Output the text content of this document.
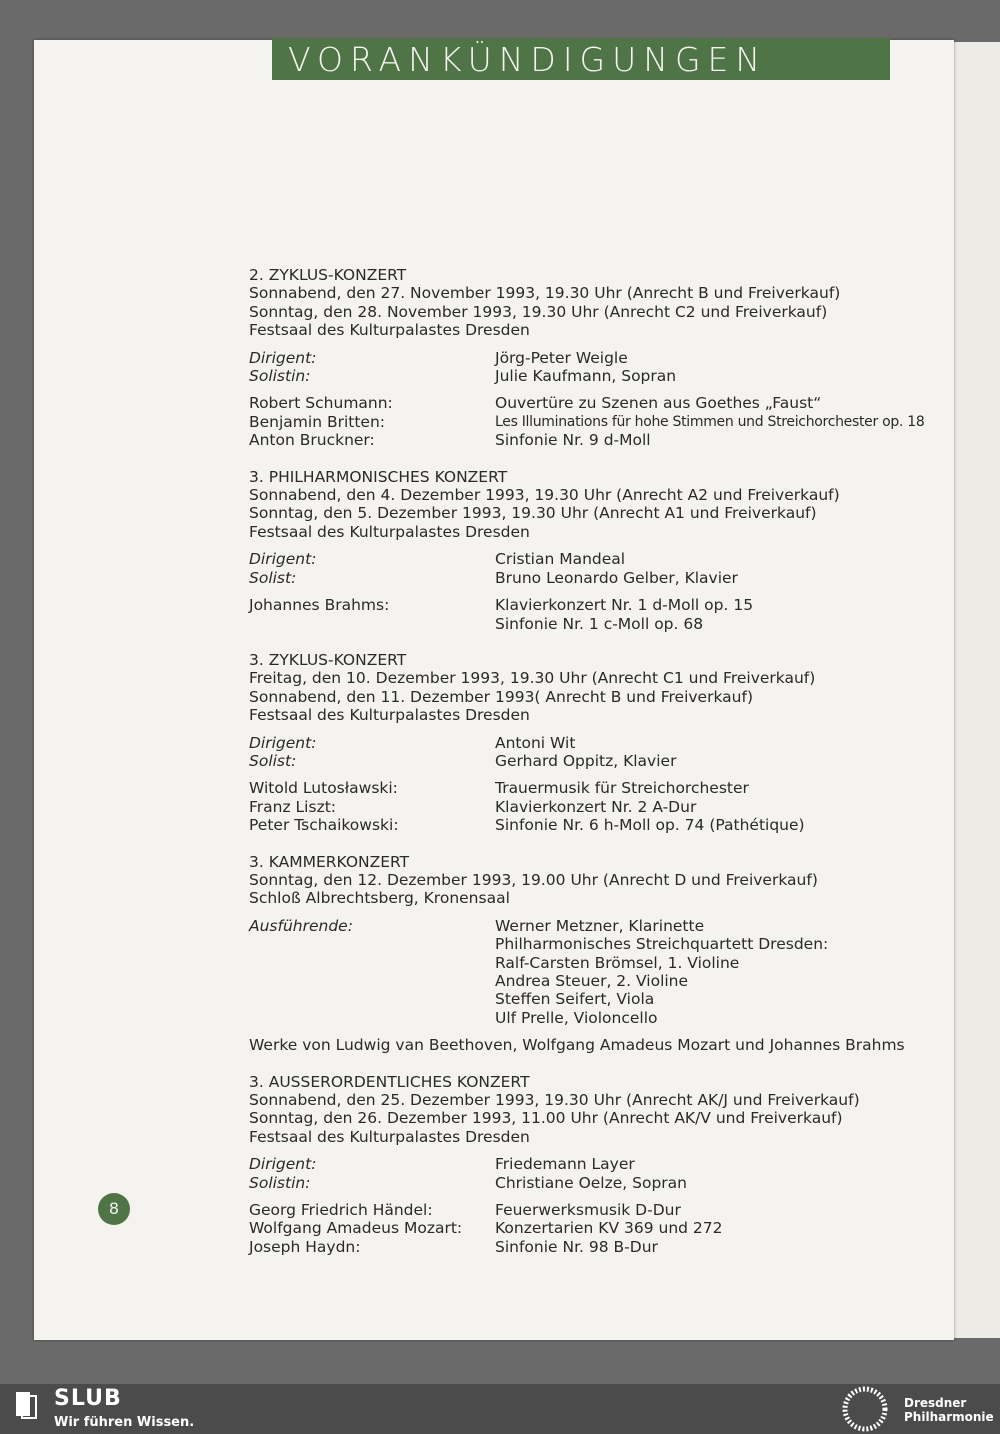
VORANKÜNDIGUNGEN
2. ZYKLUS-KONZERT
Sonnabend, den 27. November 1993, 19.30 Uhr (Anrecht B und Freiverkauf)
Sonntag, den 28. November 1993, 19.30 Uhr (Anrecht C2 und Freiverkauf)
Festsaal des Kulturpalastes Dresden
Dirigent:	Jörg-Peter Weigle
Solistin:	Julie Kaufmann, Sopran
Robert Schumann:	Ouvertüre zu Szenen aus Goethes „Faust“
Benjamin Britten:	Les Illuminations für hohe Stimmen und Streichorchester op. 18
Anton Bruckner:	Sinfonie Nr. 9 d-Moll
3. PHILHARMONISCHES KONZERT
Sonnabend, den 4. Dezember 1993, 19.30 Uhr (Anrecht A2 und Freiverkauf)
Sonntag, den 5. Dezember 1993, 19.30 Uhr (Anrecht A1 und Freiverkauf)
Festsaal des Kulturpalastes Dresden
Dirigent:	Cristian Mandeal
Solist:	Bruno Leonardo Gelber, Klavier
Johannes Brahms:	Klavierkonzert Nr. 1 d-Moll op. 15
Sinfonie Nr. 1 c-Moll op. 68
3. ZYKLUS-KONZERT
Freitag, den 10. Dezember 1993, 19.30 Uhr (Anrecht C1 und Freiverkauf)
Sonnabend, den 11. Dezember 1993( Anrecht B und Freiverkauf)
Festsaal des Kulturpalastes Dresden
Dirigent:	Antoni Wit
Solist:	Gerhard Oppitz, Klavier
Witold Lutosławski:	Trauermusik für Streichorchester
Franz Liszt:	Klavierkonzert Nr. 2 A-Dur
Peter Tschaikowski:	Sinfonie Nr. 6 h-Moll op. 74 (Pathétique)
3. KAMMERKONZERT
Sonntag, den 12. Dezember 1993, 19.00 Uhr (Anrecht D und Freiverkauf)
Schloß Albrechtsberg, Kronensaal
Ausführende:	Werner Metzner, Klarinette
Philharmonisches Streichquartett Dresden:
Ralf-Carsten Brömsel, 1. Violine
Andrea Steuer, 2. Violine
Steffen Seifert, Viola
Ulf Prelle, Violoncello
Werke von Ludwig van Beethoven, Wolfgang Amadeus Mozart und Johannes Brahms
3. AUSSERORDENTLICHES KONZERT
Sonnabend, den 25. Dezember 1993, 19.30 Uhr (Anrecht AK/J und Freiverkauf)
Sonntag, den 26. Dezember 1993, 11.00 Uhr (Anrecht AK/V und Freiverkauf)
Festsaal des Kulturpalastes Dresden
Dirigent:	Friedemann Layer
Solistin:	Christiane Oelze, Sopran
Georg Friedrich Händel:	Feuerwerksmusik D-Dur
Wolfgang Amadeus Mozart:	Konzertarien KV 369 und 272
Joseph Haydn:	Sinfonie Nr. 98 B-Dur
8
SLUB
Wir führen Wissen.
Dresdner
Philharmonie
